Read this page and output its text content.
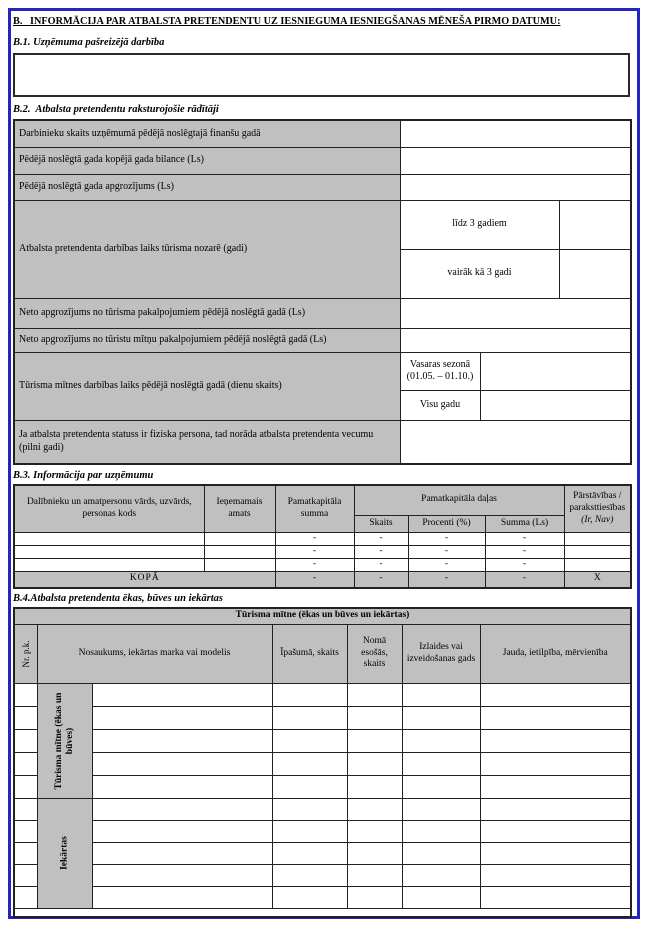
B.   INFORMĀCIJA PAR ATBALSTA PRETENDENTU UZ IESNIEGUMA IESNIEGŠANAS MĒNEŠA PIRMO DATUMU:
B.1. Uzņēmuma pašreizējā darbība
B.2.  Atbalsta pretendentu raksturojošie rādītāji
Darbinieku skaits uzņēmumā pēdējā noslēgtajā finanšu gadā			
Pēdējā noslēgtā gada kopējā gada bilance (Ls)			
Pēdējā noslēgtā gada apgrozījums (Ls)			
Atbalsta pretendenta darbības laiks tūrisma nozarē (gadi)	līdz 3 gadiem		
	vairāk kā 3 gadi		
Neto apgrozījums no tūrisma pakalpojumiem pēdējā noslēgtā gadā (Ls)			
Neto apgrozījums no tūristu mītņu pakalpojumiem pēdējā noslēgtā gadā (Ls)			
Tūrisma mītnes darbības laiks pēdējā noslēgtā gadā (dienu skaits)	Vasaras sezonā
(01.05. – 01.10.)		
	Visu gadu		
Ja atbalsta pretendenta statuss ir fiziska persona, tad norāda atbalsta pretendenta vecumu (pilni gadi)			
B.3. Informācija par uzņēmumu
Dalībnieku un amatpersonu vārds, uzvārds, personas kods	Ieņemamais amats	Pamatkapitāla summa	Pamatkapitāla daļas			Pārstāvības / paraksttiesības
(Ir, Nav)
			Skaits	Procenti (%)	Summa (Ls)	
		-	-	-	-	
		-	-	-	-	
		-	-	-	-	
KOPĀ		-	-	-	-	X
B.4.Atbalsta pretendenta ēkas, būves un iekārtas
Tūrisma mītne (ēkas un būves un iekārtas)						

Nr. p.k.	Nosaukums, iekārtas marka vai modelis		Īpašumā, skaits	Nomā esošās, skaits	Izlaides vai izveidošanas gads	Jauda, ietilpība, mērvienība

	Tūrisma mītne (ēkas un būves)					

	Iekārtas					
